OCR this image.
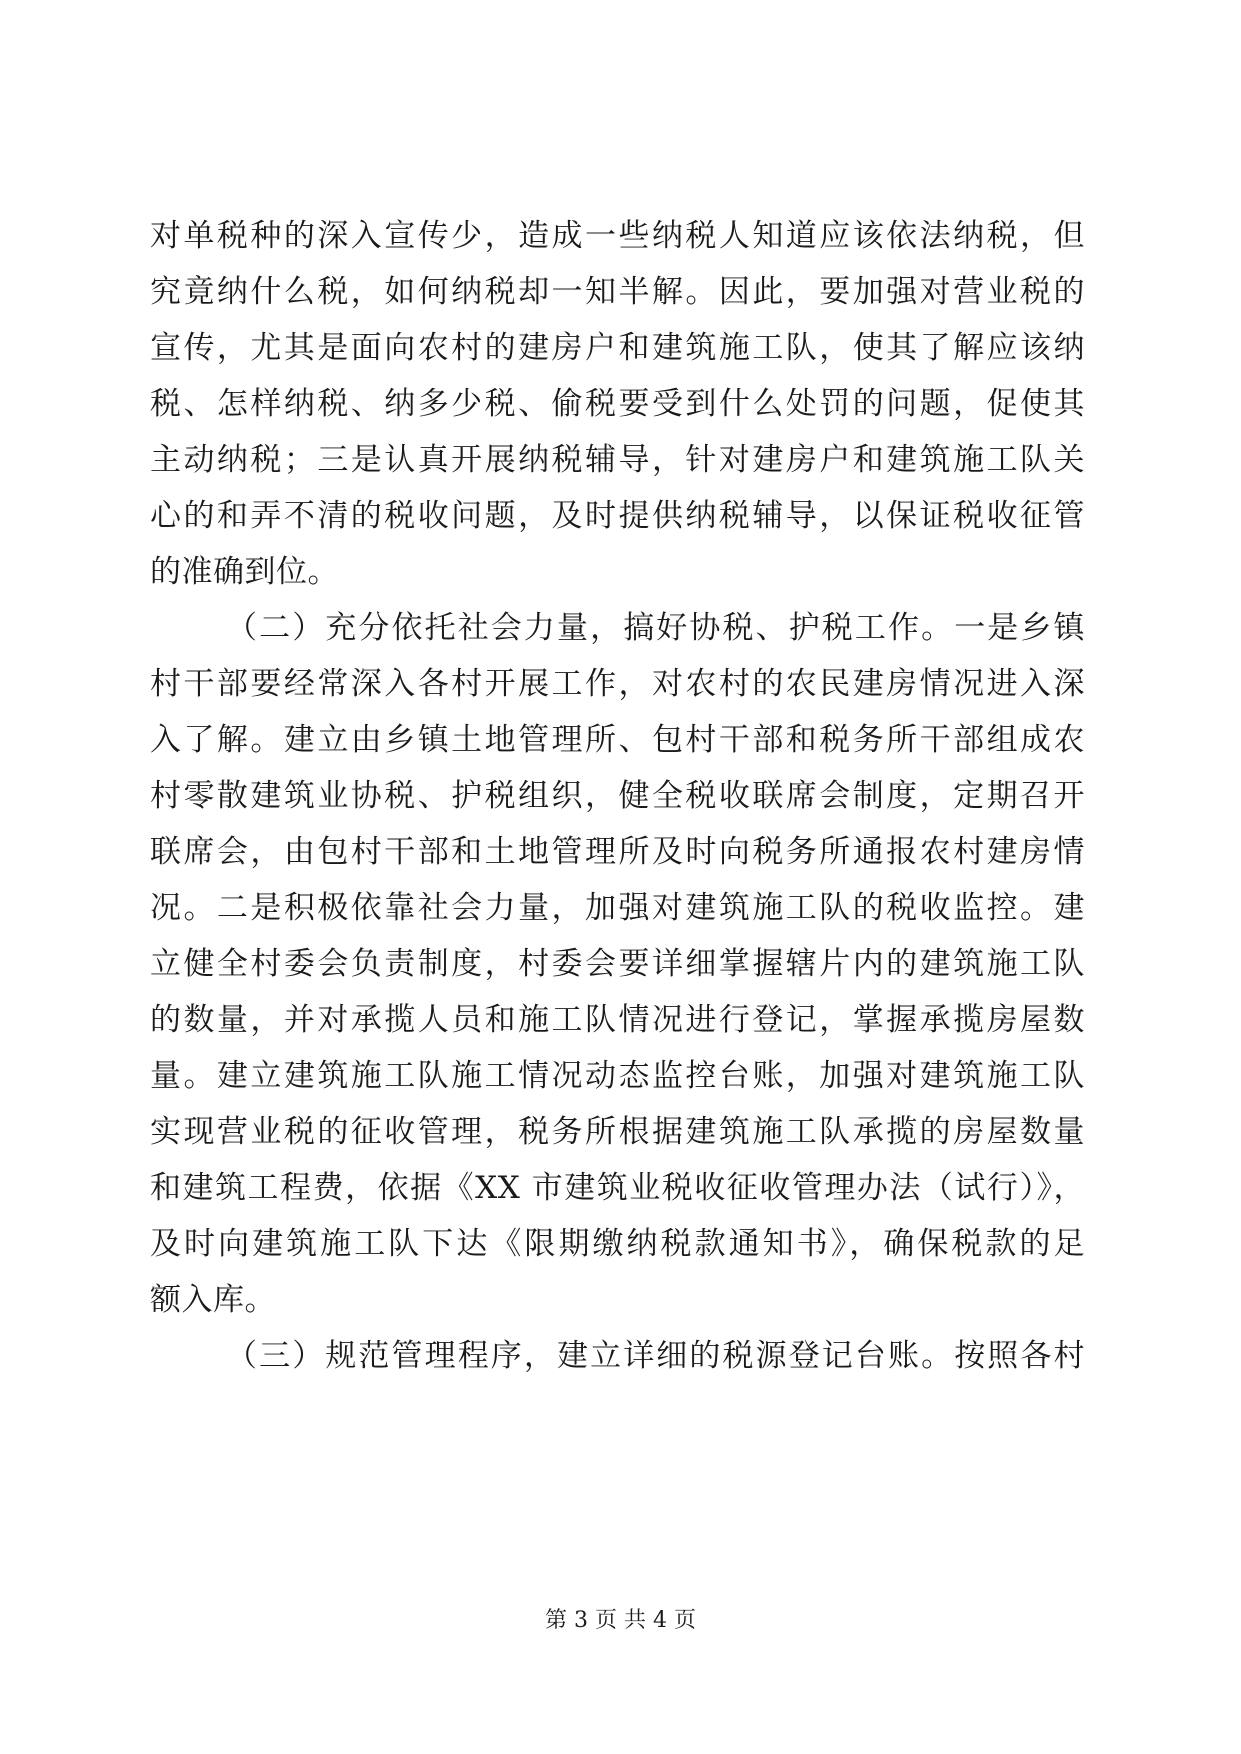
对单税种的深入宣传少，造成一些纳税人知道应该依法纳税，但
究竟纳什么税，如何纳税却一知半解。因此，要加强对营业税的
宣传，尤其是面向农村的建房户和建筑施工队，使其了解应该纳
税、怎样纳税、纳多少税、偷税要受到什么处罚的问题，促使其
主动纳税；三是认真开展纳税辅导，针对建房户和建筑施工队关
心的和弄不清的税收问题，及时提供纳税辅导，以保证税收征管
的准确到位。
（二）充分依托社会力量，搞好协税、护税工作。一是乡镇
村干部要经常深入各村开展工作，对农村的农民建房情况进入深
入了解。建立由乡镇土地管理所、包村干部和税务所干部组成农
村零散建筑业协税、护税组织，健全税收联席会制度，定期召开
联席会，由包村干部和土地管理所及时向税务所通报农村建房情
况。二是积极依靠社会力量，加强对建筑施工队的税收监控。建
立健全村委会负责制度，村委会要详细掌握辖片内的建筑施工队
的数量，并对承揽人员和施工队情况进行登记，掌握承揽房屋数
量。建立建筑施工队施工情况动态监控台账，加强对建筑施工队
实现营业税的征收管理，税务所根据建筑施工队承揽的房屋数量
和建筑工程费，依据《XX 市建筑业税收征收管理办法（试行）》，
及时向建筑施工队下达《限期缴纳税款通知书》，确保税款的足
额入库。
（三）规范管理程序，建立详细的税源登记台账。按照各村
第 3 页 共 4 页
